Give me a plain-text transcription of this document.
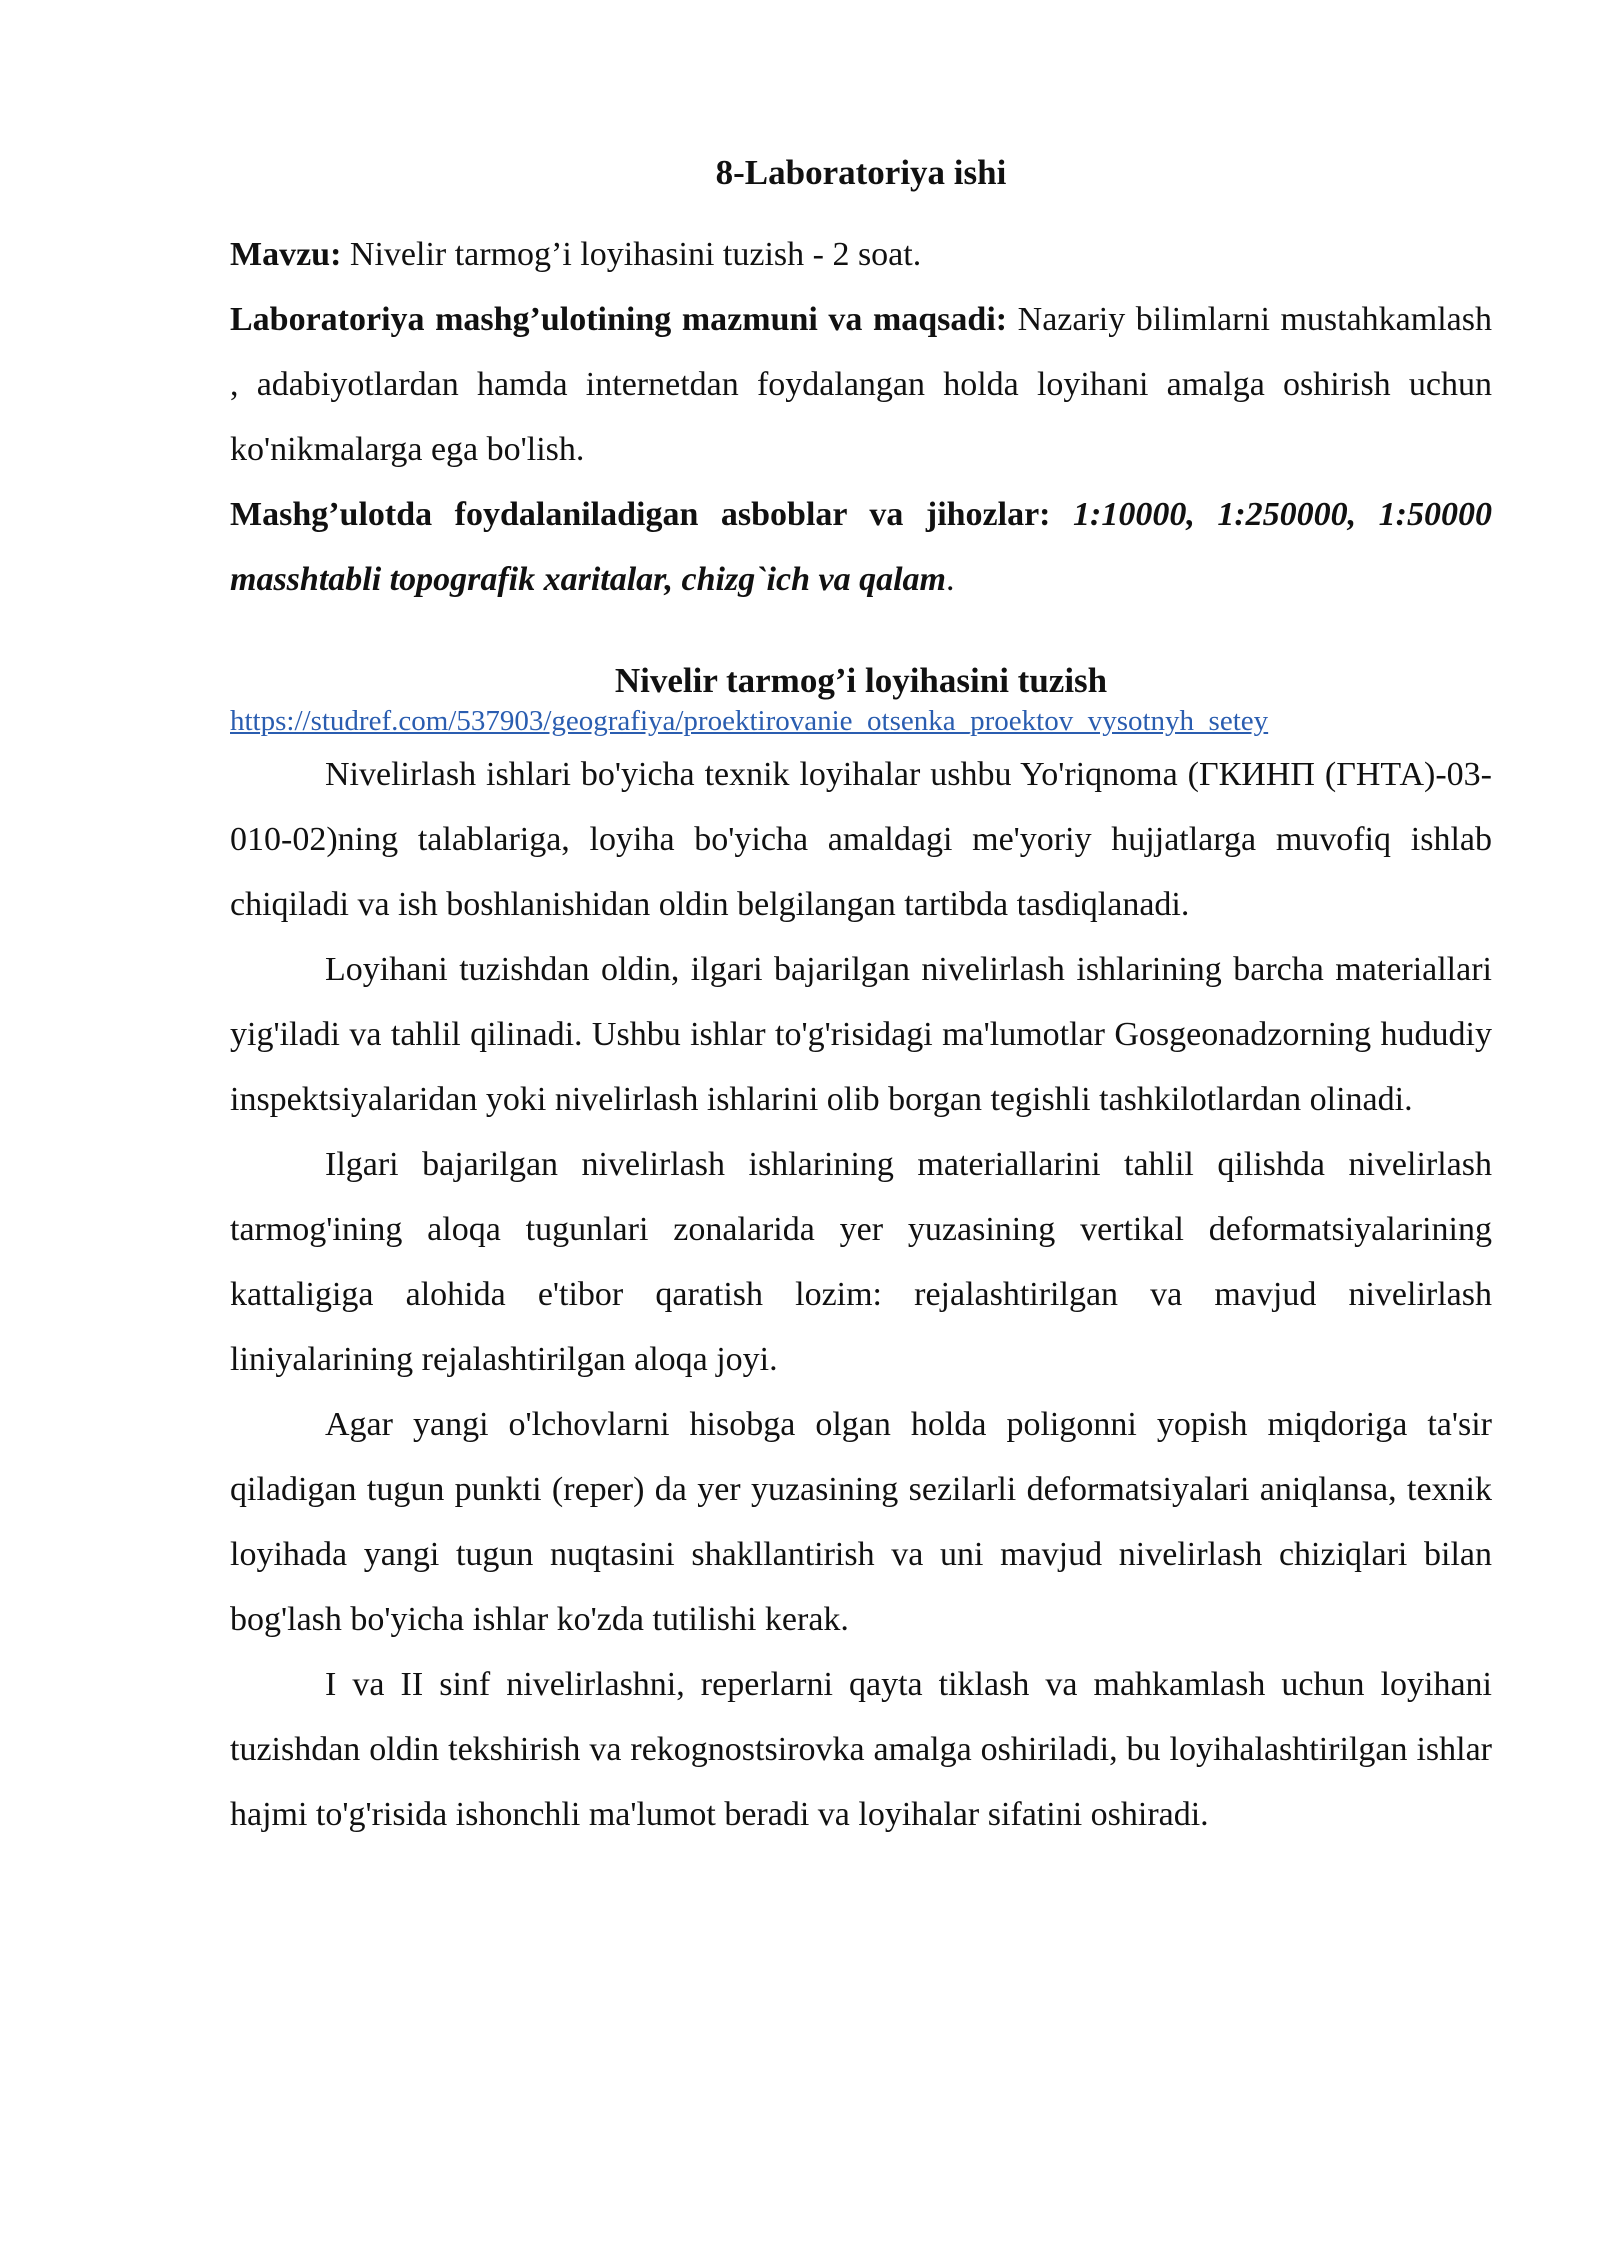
8-Laboratoriya ishi

Mavzu: Nivelir tarmog’i loyihasini tuzish - 2 soat.

Laboratoriya mashg’ulotining mazmuni va maqsadi: Nazariy bilimlarni mustahkamlash , adabiyotlardan hamda internetdan foydalangan holda loyihani amalga oshirish uchun ko'nikmalarga ega bo'lish.

Mashg’ulotda foydalaniladigan asboblar va jihozlar: 1:10000, 1:250000, 1:50000 masshtabli topografik xaritalar, chizg`ich va qalam.

Nivelir tarmog’i loyihasini tuzish
https://studref.com/537903/geografiya/proektirovanie_otsenka_proektov_vysotnyh_setey

Nivelirlash ishlari bo'yicha texnik loyihalar ushbu Yo'riqnoma (ГКИНП (ГНТА)-03-010-02)ning talablariga, loyiha bo'yicha amaldagi me'yoriy hujjatlarga muvofiq ishlab chiqiladi va ish boshlanishidan oldin belgilangan tartibda tasdiqlanadi.

Loyihani tuzishdan oldin, ilgari bajarilgan nivelirlash ishlarining barcha materiallari yig'iladi va tahlil qilinadi. Ushbu ishlar to'g'risidagi ma'lumotlar Gosgeonadzorning hududiy inspektsiyalaridan yoki nivelirlash ishlarini olib borgan tegishli tashkilotlardan olinadi.

Ilgari bajarilgan nivelirlash ishlarining materiallarini tahlil qilishda nivelirlash tarmog'ining aloqa tugunlari zonalarida yer yuzasining vertikal deformatsiyalarining kattaligiga alohida e'tibor qaratish lozim: rejalashtirilgan va mavjud nivelirlash liniyalarining rejalashtirilgan aloqa joyi.

Agar yangi o'lchovlarni hisobga olgan holda poligonni yopish miqdoriga ta'sir qiladigan tugun punkti (reper) da yer yuzasining sezilarli deformatsiyalari aniqlansa, texnik loyihada yangi tugun nuqtasini shakllantirish va uni mavjud nivelirlash chiziqlari bilan bog'lash bo'yicha ishlar ko'zda tutilishi kerak.

I va II sinf nivelirlashni, reperlarni qayta tiklash va mahkamlash uchun loyihani tuzishdan oldin tekshirish va rekognostsirovka amalga oshiriladi, bu loyihalashtirilgan ishlar hajmi to'g'risida ishonchli ma'lumot beradi va loyihalar sifatini oshiradi.
